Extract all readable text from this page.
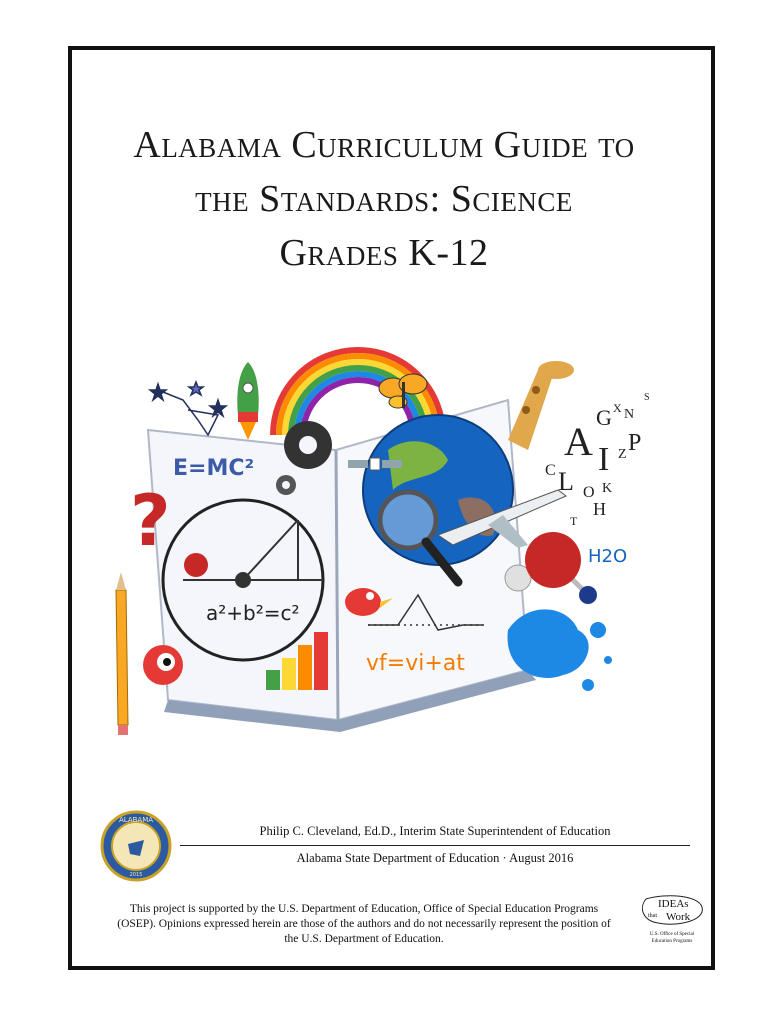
Alabama Curriculum Guide to
the Standards: Science
Grades K-12
E=MC²
?
a²+b²=c²
A
G X N
S
P
I Z
C L O K
T
H
H2O
vf=vi+at
ALABAMA
2015
Philip C. Cleveland, Ed.D., Interim State Superintendent of Education
Alabama State Department of Education · August 2016
This project is supported by the U.S. Department of Education, Office of Special Education Programs
(OSEP). Opinions expressed herein are those of the authors and do not necessarily represent the position of
the U.S. Department of Education.
IDEAs
that Work
U.S. Office of Special
Education Programs
